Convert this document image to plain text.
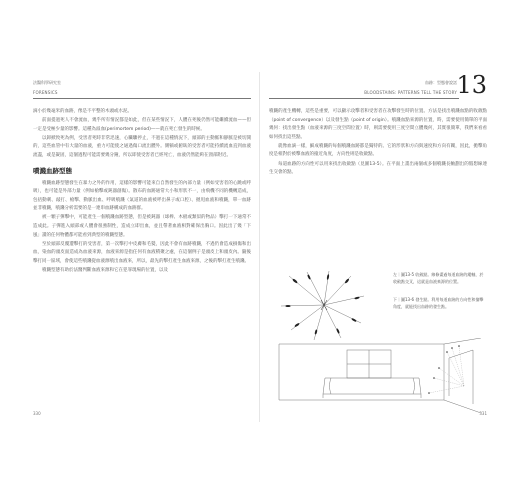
法醫科學研究室
FORENSICS

滴小於幾毫米的血跡，像是不平整的木頭或水泥。

前面提過死人不會流血，幾乎所有情況都是如此，但在某些情況下，人體在死後仍然可能繼續流血——但一定是受極少量的影響。這種為溢血(perimortem period)——就在死亡發生的時候。

以卸掀致死為例，受害者死時非常迅速，心臟驟停止，不過在這種情況下，頭部的主動脈和靜脈是被切開的，這些血管中有大量的血液，重力可能使之通過傷口流出體外。側躺或俯臥的受害者可能持續流血直到血液流盡，或是凝固，這個過程可能需要幾分鐘，所以即使受害者已經死亡，血液仍然能夠在頸部附近。

噴濺血跡型態

噴濺血跡型態發生在暴力之外的作用，這樣的影響可能來自自然發生的內部力量（例如受害者的心跳或呼吸），也可能是外部力量（例如槍擊或鈍器創傷）。散布的血跡通常大小和形狀不一，由飛機不同的機轉造成，包括動刺、敲打、槍擊、動脈出血、呼吸噴濺（氣道的血液被呼出鼻子或口腔）、拋甩血液和噴濺，單一血跡並非噴濺，噴濺分析需要的是一連串血跡構成的血跡群。

被一顆子彈擊中，可能產生一個噴濺血跡型態，但是被鈍器（球棒、木板或類似的物品）擊打一下通常不造成此。子彈進入頭部或人體會很強制性，造成立即出血，並且帶著血液相對確保出胸口。因此出了幾「下風」讀的任何物體都可能看到典型的噴濺型態。

至於頭部反覆遭擊打的受害者，第一次擊打中皮膚和毛髮，因此不會有血跡噴濺，不過仍會造成損傷和出血，染血的頭皮面造成為血液來源，血液來源是指任何有血液積聚之處，在這個例子是頭皮上和頭皮內。隨後擊打同一區域，會使這些噴濺從血液源噴出血液來，所以，最先的擊打產生血液來源，之後的擊打產生噴濺。

噴濺型態有助於法醫判斷血液來源和它在犯罪現場的位置，以及

330
血跡：型態會說話
BLOODSTAINS: PATTERNS TELL THE STORY 13

噴濺的產生機轉，這些是重要，可以顯示攻擊者和受害者在攻擊發生時的位置。方法是找出噴濺血點的收斂點（point of convergence）以及發生點（point of origin）。噴濺血點來源的位置，時，需要使用簡單的平面幾何：找出發生點（血液來源的三度空間位置）時，則需要使用三度空間立體幾何，其實很簡單，我們來看看如何找出這些點。

就像血滴一樣，細成噴濺的每個噴濺血跡都是獨特的。它的形狀和方向與速度和方向有關，因此，拋擊角度是相對於被擊血液的撞近角度，方向性則是收斂點。

每道血跡的方向性可以用來找出收斂點（見圖13-5）。在平面上畫出兩個或多個噴濺長軸劃出的假想線連生交會的點。

左｜圖13-5 收斂點。線條畫過每道血跡的縱軸，於收斂點交叉，這就是血液來源的位置。
下｜圖13-6 發生點。利用每道血跡的方向性和撞擊角度，就能找出血跡的發生點。
331
